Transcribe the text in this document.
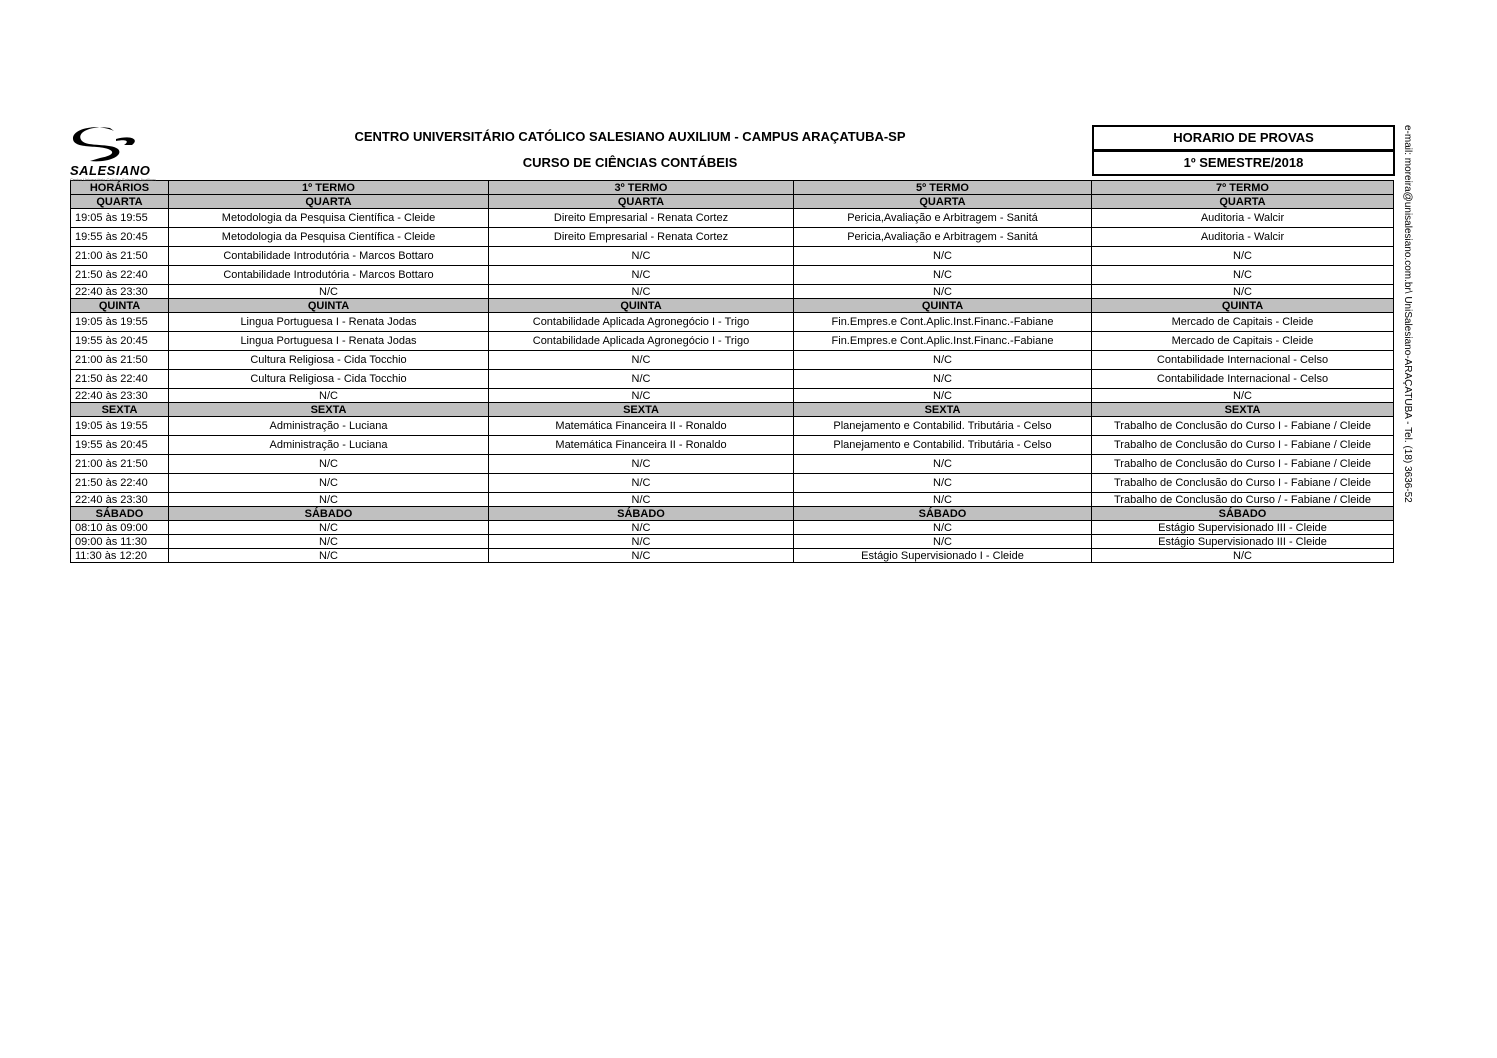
SALESIANO
Centro Universitário Católico Salesiano Auxilium
CENTRO UNIVERSITÁRIO CATÓLICO SALESIANO AUXILIUM - CAMPUS ARAÇATUBA-SP
CURSO DE CIÊNCIAS CONTÁBEIS
HORARIO DE PROVAS
1º SEMESTRE/2018
HORÁRIOS	1º TERMO	3º TERMO	5º TERMO	7º TERMO
QUARTA	QUARTA	QUARTA	QUARTA	QUARTA
19:05 às 19:55	Metodologia da Pesquisa Científica - Cleide	Direito Empresarial - Renata Cortez	Pericia,Avaliação e Arbitragem - Sanitá	Auditoria - Walcir
19:55 às 20:45	Metodologia da Pesquisa Científica - Cleide	Direito Empresarial - Renata Cortez	Pericia,Avaliação e Arbitragem - Sanitá	Auditoria - Walcir
21:00 às 21:50	Contabilidade Introdutória - Marcos Bottaro	N/C	N/C	N/C
21:50 às 22:40	Contabilidade Introdutória - Marcos Bottaro	N/C	N/C	N/C
22:40 às 23:30	N/C	N/C	N/C	N/C
QUINTA	QUINTA	QUINTA	QUINTA	QUINTA
19:05 às 19:55	Lingua Portuguesa I - Renata Jodas	Contabilidade Aplicada Agronegócio I - Trigo	Fin.Empres.e Cont.Aplic.Inst.Financ.-Fabiane	Mercado de Capitais - Cleide
19:55 às 20:45	Lingua Portuguesa I - Renata Jodas	Contabilidade Aplicada Agronegócio I - Trigo	Fin.Empres.e Cont.Aplic.Inst.Financ.-Fabiane	Mercado de Capitais - Cleide
21:00 às 21:50	Cultura Religiosa - Cida Tocchio	N/C	N/C	Contabilidade Internacional - Celso
21:50 às 22:40	Cultura Religiosa - Cida Tocchio	N/C	N/C	Contabilidade Internacional - Celso
22:40 às 23:30	N/C	N/C	N/C	N/C
SEXTA	SEXTA	SEXTA	SEXTA	SEXTA
19:05 às 19:55	Administração - Luciana	Matemática Financeira II - Ronaldo	Planejamento e Contabilid. Tributária - Celso	Trabalho de Conclusão do Curso I - Fabiane / Cleide
19:55 às 20:45	Administração - Luciana	Matemática Financeira II - Ronaldo	Planejamento e Contabilid. Tributária - Celso	Trabalho de Conclusão do Curso I - Fabiane / Cleide
21:00 às 21:50	N/C	N/C	N/C	Trabalho de Conclusão do Curso I - Fabiane / Cleide
21:50 às 22:40	N/C	N/C	N/C	Trabalho de Conclusão do Curso I - Fabiane / Cleide
22:40 às 23:30	N/C	N/C	N/C	Trabalho de Conclusão do Curso / - Fabiane / Cleide
SÁBADO	SÁBADO	SÁBADO	SÁBADO	SÁBADO
08:10 às 09:00	N/C	N/C	N/C	Estágio Supervisionado III - Cleide
09:00 às 11:30	N/C	N/C	N/C	Estágio Supervisionado III - Cleide
11:30 às 12:20	N/C	N/C	Estágio Supervisionado I - Cleide	N/C
e-mail: moreira@unisalesiano.com.br\ UniSalesiano-ARAÇATUBA - Tel. (18) 3636-52
